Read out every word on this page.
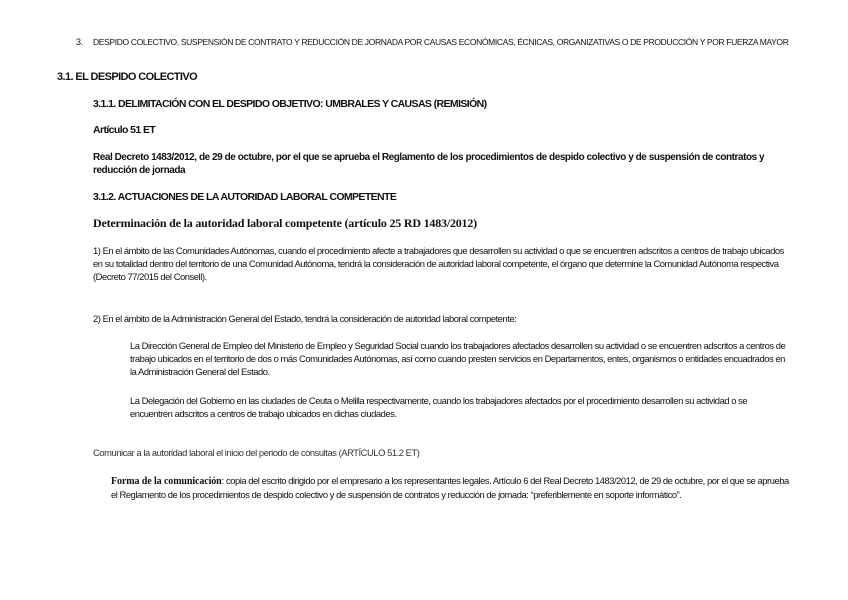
3. DESPIDO COLECTIVO, SUSPENSIÓN DE CONTRATO Y REDUCCIÓN DE JORNADA POR CAUSAS ECONÓMICAS, ÉCNICAS, ORGANIZATIVAS O DE PRODUCCIÓN Y POR FUERZA MAYOR
3.1. EL DESPIDO COLECTIVO
3.1.1. DELIMITACIÓN CON EL DESPIDO OBJETIVO: UMBRALES Y CAUSAS (REMISIÓN)
Artículo 51 ET
Real Decreto 1483/2012, de 29 de octubre, por el que se aprueba el Reglamento de los procedimientos de despido colectivo y de suspensión de contratos y reducción de jornada
3.1.2. ACTUACIONES DE LA AUTORIDAD LABORAL COMPETENTE
Determinación de la autoridad laboral competente (artículo 25 RD 1483/2012)
1) En el ámbito de las Comunidades Autónomas, cuando el procedimiento afecte a trabajadores que desarrollen su actividad o que se encuentren adscritos a centros de trabajo ubicados en su totalidad dentro del territorio de una Comunidad Autónoma, tendrá la consideración de autoridad laboral competente, el órgano que determine la Comunidad Autónoma respectiva (Decreto 77/2015 del Consell).
2) En el ámbito de la Administración General del Estado, tendrá la consideración de autoridad laboral competente:
La Dirección General de Empleo del Ministerio de Empleo y Seguridad Social cuando los trabajadores afectados desarrollen su actividad o se encuentren adscritos a centros de trabajo ubicados en el territorio de dos o más Comunidades Autónomas, así como cuando presten servicios en Departamentos, entes, organismos o entidades encuadrados en la Administración General del Estado.
La Delegación del Gobierno en las ciudades de Ceuta o Melilla respectivamente, cuando los trabajadores afectados por el procedimiento desarrollen su actividad o se encuentren adscritos a centros de trabajo ubicados en dichas ciudades.
Comunicar a la autoridad laboral el inicio del periodo de consultas (ARTÍCULO 51.2 ET)
Forma de la comunicación: copia del escrito dirigido por el empresario a los representantes legales. Artículo 6 del Real Decreto 1483/2012, de 29 de octubre, por el que se aprueba el Reglamento de los procedimientos de despido colectivo y de suspensión de contratos y reducción de jornada: “preferiblemente en soporte informático”.
